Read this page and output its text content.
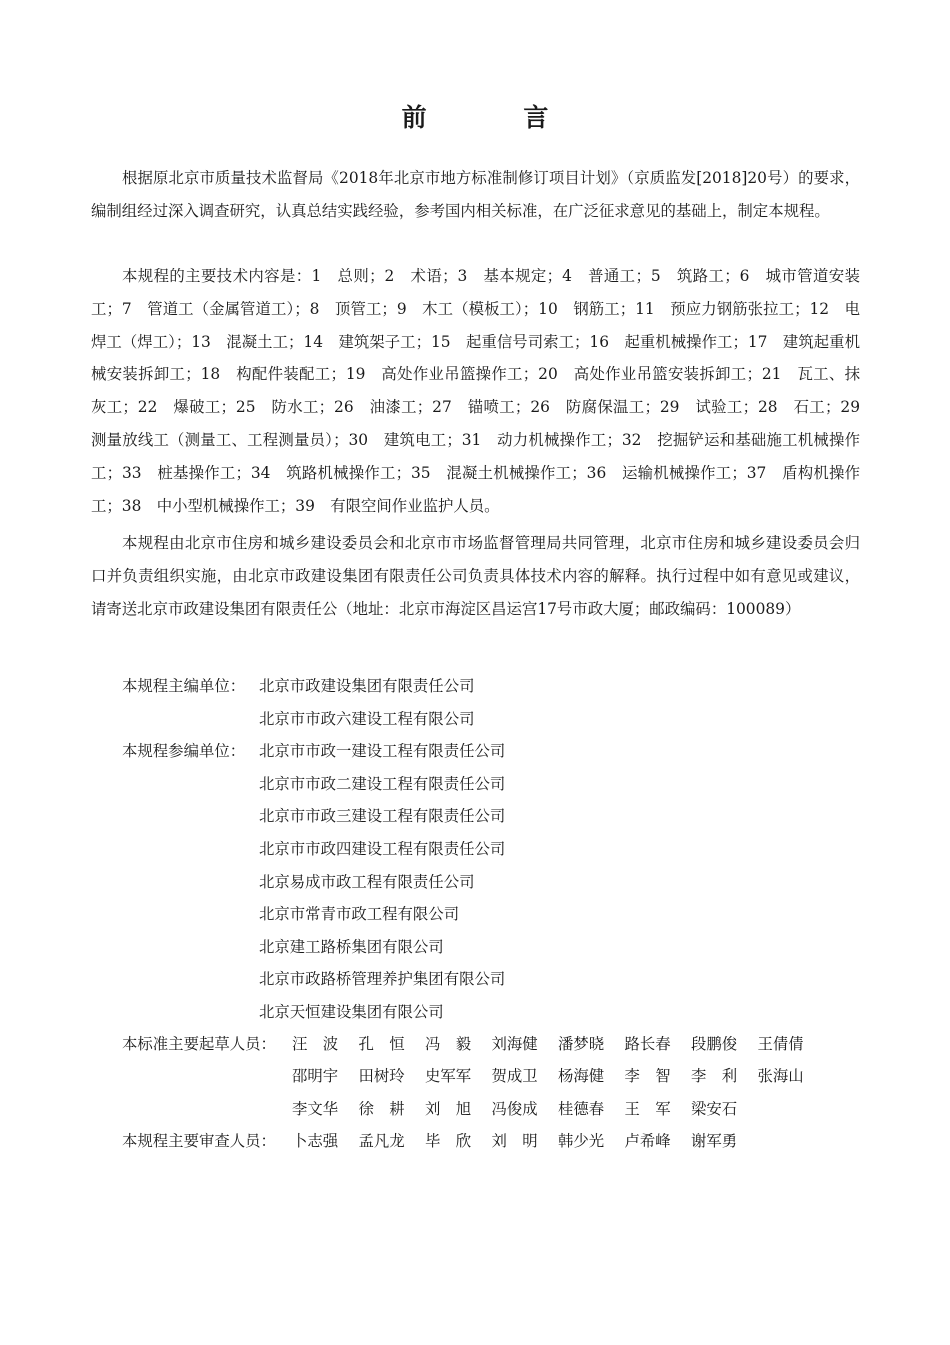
前 言

根据原北京市质量技术监督局《2018年北京市地方标准制修订项目计划》（京质监发[2018]20号）的要求，编制组经过深入调查研究，认真总结实践经验，参考国内相关标准，在广泛征求意见的基础上，制定本规程。

本规程的主要技术内容是：1　总则；2　术语；3　基本规定；4　普通工；5　筑路工；6　城市管道安装工；7　管道工（金属管道工）；8　顶管工；9　木工（模板工）；10　钢筋工；11　预应力钢筋张拉工；12　电焊工（焊工）；13　混凝土工；14　建筑架子工；15　起重信号司索工；16　起重机械操作工；17　建筑起重机械安装拆卸工；18　构配件装配工；19　高处作业吊篮操作工；20　高处作业吊篮安装拆卸工；21　瓦工、抹灰工；22　爆破工；25　防水工；26　油漆工；27　锚喷工；26　防腐保温工；29　试验工；28　石工；29　测量放线工（测量工、工程测量员）；30　建筑电工；31　动力机械操作工；32　挖掘铲运和基础施工机械操作工；33　桩基操作工；34　筑路机械操作工；35　混凝土机械操作工；36　运输机械操作工；37　盾构机操作工；38　中小型机械操作工；39　有限空间作业监护人员。

本规程由北京市住房和城乡建设委员会和北京市市场监督管理局共同管理，北京市住房和城乡建设委员会归口并负责组织实施，由北京市政建设集团有限责任公司负责具体技术内容的解释。执行过程中如有意见或建议，请寄送北京市政建设集团有限责任公（地址：北京市海淀区昌运宫17号市政大厦；邮政编码：100089）

本规程主编单位： 北京市政建设集团有限责任公司
北京市市政六建设工程有限公司
本规程参编单位： 北京市市政一建设工程有限责任公司
北京市市政二建设工程有限责任公司
北京市市政三建设工程有限责任公司
北京市市政四建设工程有限责任公司
北京易成市政工程有限责任公司
北京市常青市政工程有限公司
北京建工路桥集团有限公司
北京市政路桥管理养护集团有限公司
北京天恒建设集团有限公司
本标准主要起草人员： 汪　波 孔　恒 冯　毅 刘海健 潘梦晓 路长春 段鹏俊 王倩倩
邵明宇 田树玲 史军军 贺成卫 杨海健 李　智 李　利 张海山
李文华 徐　耕 刘　旭 冯俊成 桂德春 王　军 梁安石
本规程主要审查人员： 卜志强 孟凡龙 毕　欣 刘　明 韩少光 卢希峰 谢军勇
